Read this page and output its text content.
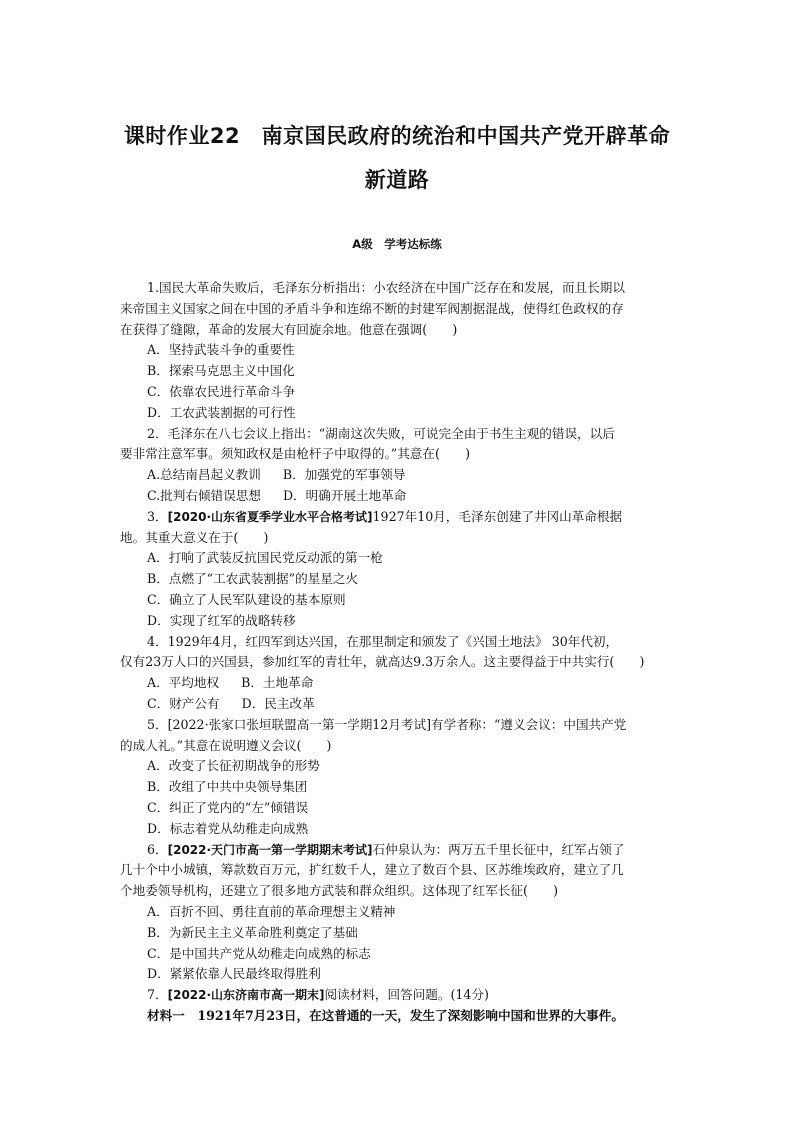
课时作业22　南京国民政府的统治和中国共产党开辟革命
新道路
A级　学考达标练
1.国民大革命失败后，毛泽东分析指出：小农经济在中国广泛存在和发展，而且长期以
来帝国主义国家之间在中国的矛盾斗争和连绵不断的封建军阀割据混战，使得红色政权的存
在获得了缝隙，革命的发展大有回旋余地。他意在强调(　　)
A．坚持武装斗争的重要性
B．探索马克思主义中国化
C．依靠农民进行革命斗争
D．工农武装割据的可行性
2．毛泽东在八七会议上指出：“湖南这次失败，可说完全由于书生主观的错误，以后
要非常注意军事。须知政权是由枪杆子中取得的。”其意在(　　)
A.总结南昌起义教训 B．加强党的军事领导
C.批判右倾错误思想 D．明确开展土地革命
3．[2020·山东省夏季学业水平合格考试]1927年10月，毛泽东创建了井冈山革命根据
地。其重大意义在于(　　)
A．打响了武装反抗国民党反动派的第一枪
B．点燃了“工农武装割据”的星星之火
C．确立了人民军队建设的基本原则
D．实现了红军的战略转移
4．1929年4月，红四军到达兴国，在那里制定和颁发了《兴国土地法》 30年代初，
仅有23万人口的兴国县，参加红军的青壮年，就高达9.3万余人。这主要得益于中共实行(　　)
A．平均地权 B．土地革命
C．财产公有 D．民主改革
5．[2022·张家口张垣联盟高一第一学期12月考试]有学者称：“遵义会议：中国共产党
的成人礼。”其意在说明遵义会议(　　)
A．改变了长征初期战争的形势
B．改组了中共中央领导集团
C．纠正了党内的“左”倾错误
D．标志着党从幼稚走向成熟
6．[2022·天门市高一第一学期期末考试]石仲泉认为：两万五千里长征中，红军占领了
几十个中小城镇，筹款数百万元，扩红数千人，建立了数百个县、区苏维埃政府，建立了几
个地委领导机构，还建立了很多地方武装和群众组织。这体现了红军长征(　　)
A．百折不回、勇往直前的革命理想主义精神
B．为新民主主义革命胜利奠定了基础
C．是中国共产党从幼稚走向成熟的标志
D．紧紧依靠人民最终取得胜利
7．[2022·山东济南市高一期末]阅读材料，回答问题。(14分)
材料一　1921年7月23日，在这普通的一天，发生了深刻影响中国和世界的大事件。
